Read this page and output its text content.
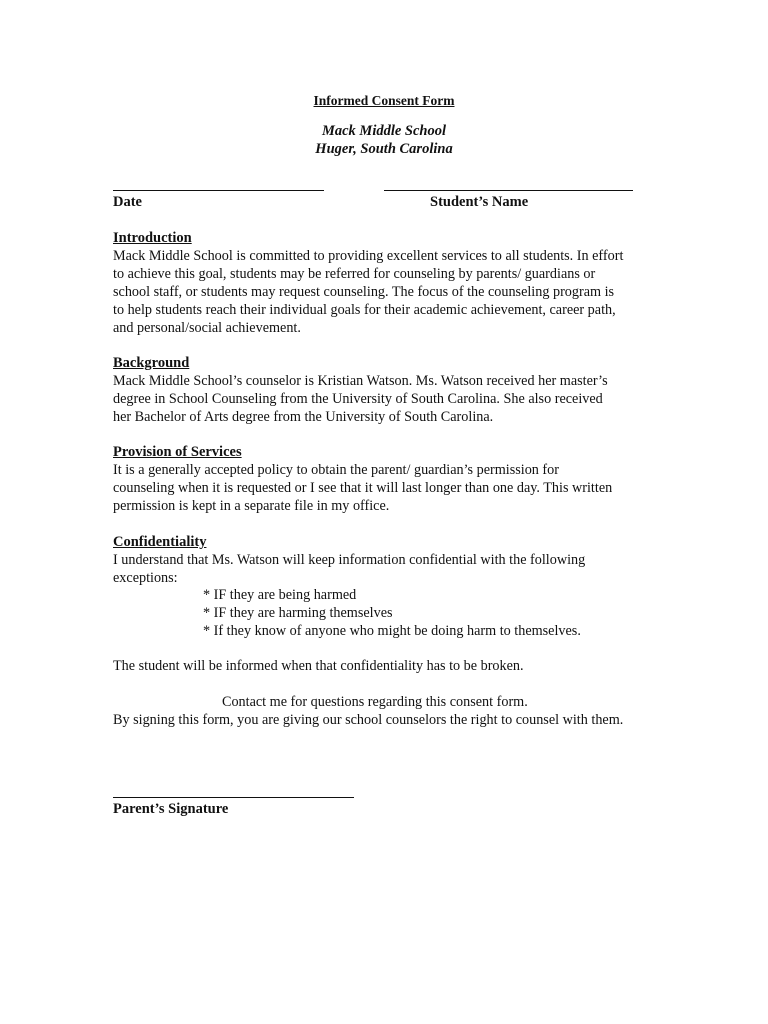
Informed Consent Form
Mack Middle School
Huger, South Carolina
Date	Student’s Name
Introduction
Mack Middle School is committed to providing excellent services to all students. In effort
to achieve this goal, students may be referred for counseling by parents/ guardians or
school staff, or students may request counseling. The focus of the counseling program is
to help students reach their individual goals for their academic achievement, career path,
and personal/social achievement.
Background
Mack Middle School’s counselor is Kristian Watson. Ms. Watson received her master’s
degree in School Counseling from the University of South Carolina. She also received
her Bachelor of Arts degree from the University of South Carolina.
Provision of Services
It is a generally accepted policy to obtain the parent/ guardian’s permission for
counseling when it is requested or I see that it will last longer than one day. This written
permission is kept in a separate file in my office.
Confidentiality
I understand that Ms. Watson will keep information confidential with the following
exceptions:
* IF they are being harmed
* IF they are harming themselves
* If they know of anyone who might be doing harm to themselves.
The student will be informed when that confidentiality has to be broken.
Contact me for questions regarding this consent form.
By signing this form, you are giving our school counselors the right to counsel with them.
Parent’s Signature
